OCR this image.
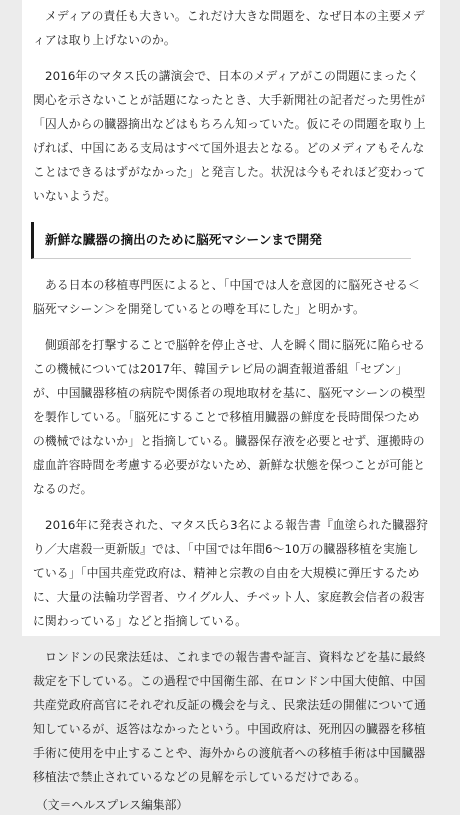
メディアの責任も大きい。これだけ大きな問題を、なぜ日本の主要メディアは取り上げないのか。

2016年のマタス氏の講演会で、日本のメディアがこの問題にまったく関心を示さないことが話題になったとき、大手新聞社の記者だった男性が「囚人からの臓器摘出などはもちろん知っていた。仮にその問題を取り上げれば、中国にある支局はすべて国外退去となる。どのメディアもそんなことはできるはずがなかった」と発言した。状況は今もそれほど変わっていないようだ。

新鮮な臓器の摘出のために脳死マシーンまで開発

ある日本の移植専門医によると、「中国では人を意図的に脳死させる＜脳死マシーン＞を開発しているとの噂を耳にした」と明かす。

側頭部を打撃することで脳幹を停止させ、人を瞬く間に脳死に陥らせるこの機械については2017年、韓国テレビ局の調査報道番組「セブン」が、中国臓器移植の病院や関係者の現地取材を基に、脳死マシーンの模型を製作している。「脳死にすることで移植用臓器の鮮度を長時間保つための機械ではないか」と指摘している。臓器保存液を必要とせず、運搬時の虚血許容時間を考慮する必要がないため、新鮮な状態を保つことが可能となるのだ。

2016年に発表された、マタス氏ら3名による報告書『血塗られた臓器狩り／大虐殺一更新版』では、「中国では年間6～10万の臓器移植を実施している」「中国共産党政府は、精神と宗教の自由を大規模に弾圧するために、大量の法輪功学習者、ウイグル人、チベット人、家庭教会信者の殺害に関わっている」などと指摘している。

ロンドンの民衆法廷は、これまでの報告書や証言、資料などを基に最終裁定を下している。この過程で中国衛生部、在ロンドン中国大使館、中国共産党政府高官にそれぞれ反証の機会を与え、民衆法廷の開催について通知しているが、返答はなかったという。中国政府は、死刑囚の臓器を移植手術に使用を中止することや、海外からの渡航者への移植手術は中国臓器移植法で禁止されているなどの見解を示しているだけである。

（文＝ヘルスプレス編集部）
